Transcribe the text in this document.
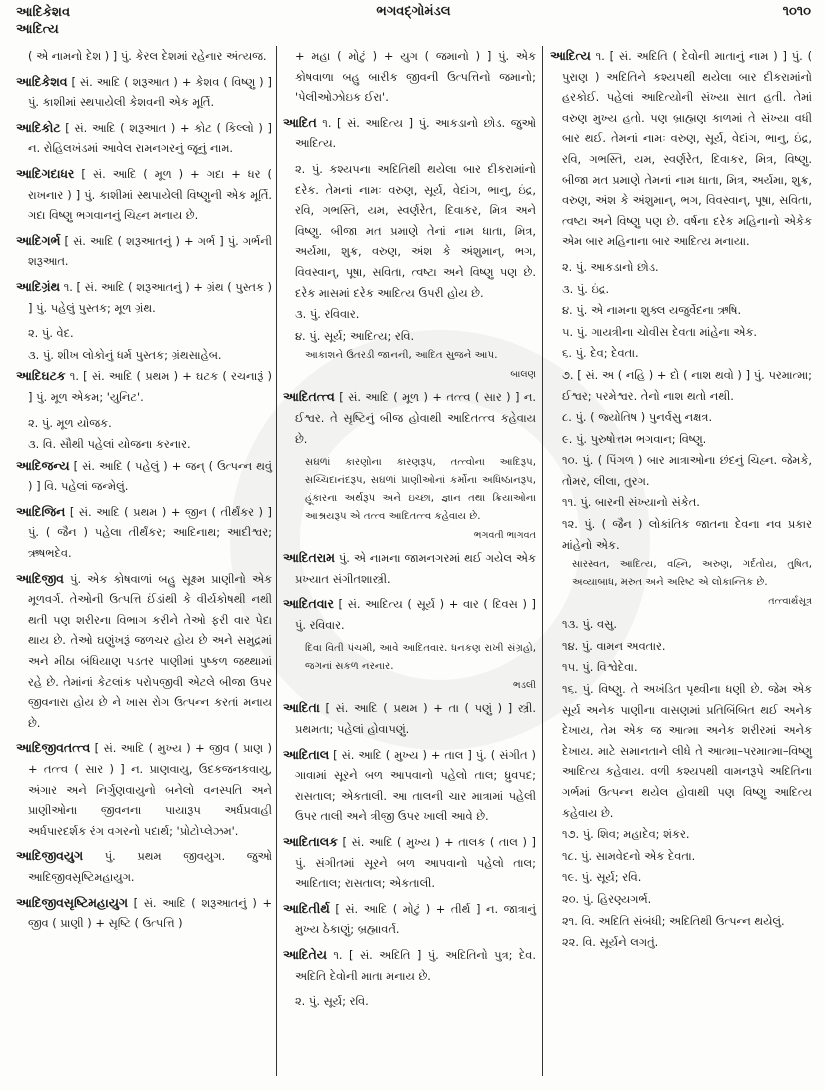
આદિકેશવ
આદિત્ય
ભગવદ્ગોમંડલ	૧૦૧૦

( એ નામનો દેશ ) ] પું. કેરલ દેશમાં રહેનાર અંત્યજ.

આદિકેશવ [ સં. આદિ ( શરૂઆત ) + કેશવ ( વિષ્ણુ ) ] પું. કાશીમાં સ્થપાયેલી કેશવની એક મૂર્તિ.

આદિકોટ [ સં. આદિ ( શરૂઆત ) + કોટ ( કિલ્લો ) ] ન. રોહિલખંડમાં આવેલ રામનગરનું જૂનું નામ.

આદિગદાધર [ સં. આદિ ( મૂળ ) + ગદા + ધર ( રાખનાર ) ] પું. કાશીમાં સ્થપાયેલી વિષ્ણુની એક મૂર્તિ. ગદા વિષ્ણુ ભગવાનનું ચિહ્ન મનાય છે.

આદિગર્ભ [ સં. આદિ ( શરૂઆતનું ) + ગર્ભ ] પું. ગર્ભની શરૂઆત.

આદિગ્રંથ ૧. [ સં. આદિ ( શરૂઆતનું ) + ગ્રંથ ( પુસ્તક ) ] પું. પહેલું પુસ્તક; મૂળ ગ્રંથ.

૨. પું. વેદ.

૩. પું. શીખ લોકોનું ધર્મ પુસ્તક; ગ્રંથસાહેબ.

આદિઘટક ૧. [ સં. આદિ ( પ્રથમ ) + ઘટક ( રચનારૂં ) ] પું. મૂળ એકમ; 'યુનિટ'.

૨. પું. મૂળ યોજક.

૩. વિ. સૌથી પહેલાં યોજના કરનાર.

આદિજન્ય [ સં. આદિ ( પહેલું ) + જન્ ( ઉત્પન્ન થવું ) ] વિ. પહેલાં જન્મેલું.

આદિજિન [ સં. આદિ ( પ્રથમ ) + જીન ( તીર્થંકર ) ] પું. ( જૈન ) પહેલા તીર્થંકર; આદિનાથ; આદીશ્વર; ઋષભદેવ.

આદિજીવ પું. એક કોષવાળાં બહુ સૂક્ષ્મ પ્રાણીનો એક મૂળવર્ગ. તેઓની ઉત્પત્તિ ઈંડાંથી કે વીર્યકોષથી નથી થતી પણ શરીરના વિભાગ કરીને તેઓ ફરી વાર પેદા થાય છે. તેઓ ઘણુંખરૂં જળચર હોય છે અને સમુદ્રમાં અને મીઠા બંધિયાણ પડતર પાણીમાં પુષ્કળ જથ્થામાં રહે છે. તેમાંનાં કેટલાંક પરોપજીવી એટલે બીજા ઉપર જીવનારા હોય છે ને ખાસ રોગ ઉત્પન્ન કરતાં મનાય છે.

આદિજીવતત્ત્વ [ સં. આદિ ( મુખ્ય ) + જીવ ( પ્રાણ ) + તત્ત્વ ( સાર ) ] ન. પ્રાણવાયુ, ઉદકજનકવાયુ, અંગાર અને નિર્ગુણવાયુનો બનેલો વનસ્પતિ અને પ્રાણીઓના જીવનના પાયારૂપ અર્ધપ્રવાહી અર્ધપારદર્શક રંગ વગરનો પદાર્થ; 'પ્રોટોપ્લેઝમ'.

આદિજીવયુગ પું. પ્રથમ જીવયુગ. જુઓ આદિજીવસૃષ્ટિમહાયુગ.

આદિજીવસૃષ્ટિમહાયુગ [ સં. આદિ ( શરૂઆતનું ) + જીવ ( પ્રાણી ) + સૃષ્ટિ ( ઉત્પત્તિ )

+ મહા ( મોટું ) + યુગ ( જમાનો ) ] પું. એક કોષવાળા બહુ બારીક જીવની ઉત્પત્તિનો જમાનો; 'પેલીઓઝોઇક ઈરા'.

આદિત ૧. [ સં. આદિત્ય ] પું. આકડાનો છોડ. જુઓ આદિત્ય.

૨. પું. કશ્યપના અદિતિથી થયેલા બાર દીકરામાંનો દરેક. તેમનાં નામઃ વરુણ, સૂર્ય, વેદાંગ, ભાનુ, ઇંદ્ર, રવિ, ગભસ્તિ, યમ, સ્વર્ણરેત, દિવાકર, મિત્ર અને વિષ્ણુ. બીજા મત પ્રમાણે તેનાં નામ ધાતા, મિત્ર, અર્યમા, શુક્ર, વરુણ, અંશ કે અંશુમાન્, ભગ, વિવસ્વાન્, પૂષા, સવિતા, ત્વષ્ટા અને વિષ્ણુ પણ છે. દરેક માસમાં દરેક આદિત્ય ઉપરી હોય છે.

૩. પું. રવિવાર.

૪. પું. સૂર્ય; આદિત્ય; રવિ.

આકાશને ઉતરડી જાનની, આદિત સુજને આપ.

બાલણ

આદિતત્ત્વ [ સં. આદિ ( મૂળ ) + તત્ત્વ ( સાર ) ] ન. ઈશ્વર. તે સૃષ્ટિનું બીજ હોવાથી આદિતત્ત્વ કહેવાય છે.

સઘળાં કારણોના કારણરૂપ, તત્ત્વોના આદિરૂપ, સચ્ચિદાનંદરૂપ, સઘળાં પ્રાણીઓનાં કર્મોના અધિષ્ઠાનરૂપ, હૂંકારના અર્થરૂપ અને ઇચ્છા, જ્ઞાન તથા ક્રિયાઓના આશ્રયરૂપ એ તત્ત્વ આદિતત્ત્વ કહેવાય છે.

ભગવતી ભાગવત

આદિતરામ પું. એ નામના જામનગરમાં થઈ ગયેલ એક પ્રખ્યાત સંગીતશાસ્ત્રી.

આદિતવાર [ સં. આદિત્ય ( સૂર્ય ) + વાર ( દિવસ ) ] પું. રવિવાર.

દિવા વિતી પંચમી, આવે આદિતવાર. ધનકણ રાખી સંગ્રહો, જગનાં સકળ નરનાર.

ભડલી

આદિતા [ સં. આદિ ( પ્રથમ ) + તા ( પણું ) ] સ્ત્રી. પ્રથમતા; પહેલાં હોવાપણું.

આદિતાલ [ સં. આદિ ( મુખ્ય ) + તાલ ] પું. ( સંગીત ) ગાવામાં સૂરને બળ આપવાનો પહેલો તાલ; ધ્રુવપદ; રાસતાલ; એકતાલી. આ તાલની ચાર માત્રામાં પહેલી ઉપર તાલી અને ત્રીજી ઉપર ખાલી આવે છે.

આદિતાલક [ સં. આદિ ( મુખ્ય ) + તાલક ( તાલ ) ] પું. સંગીતમાં સૂરને બળ આપવાનો પહેલો તાલ; આદિતાલ; રાસતાલ; એકતાલી.

આદિતીર્થ [ સં. આદિ ( મોટું ) + તીર્થ ] ન. જાત્રાનું મુખ્ય ઠેકાણું; બ્રહ્માવર્ત.

આદિતેય ૧. [ સં. અદિતિ ] પું. અદિતિનો પુત્ર; દેવ. અદિતિ દેવોની માતા મનાય છે.

૨. પું. સૂર્ય; રવિ.

આદિત્ય ૧. [ સં. અદિતિ ( દેવોની માતાનું નામ ) ] પું. ( પુરાણ ) અદિતિને કશ્યપથી થયેલા બાર દીકરામાંનો હરકોઈ. પહેલાં આદિત્યોની સંખ્યા સાત હતી. તેમાં વરુણ મુખ્ય હતો. પણ બ્રાહ્મણ કાળમાં તે સંખ્યા વધી બાર થઈ. તેમનાં નામઃ વરુણ, સૂર્ય, વેદાંગ, ભાનુ, ઇંદ્ર, રવિ, ગભસ્તિ, યમ, સ્વર્ણરેત, દિવાકર, મિત્ર, વિષ્ણુ. બીજા મત પ્રમાણે તેમનાં નામ ધાતા, મિત્ર, અર્યમા, શુક્ર, વરુણ, અંશ કે અંશુમાન્, ભગ, વિવસ્વાન્, પૂષા, સવિતા, ત્વષ્ટા અને વિષ્ણુ પણ છે. વર્ષના દરેક મહિનાનો એકેક એમ બાર મહિનાના બાર આદિત્ય મનાયા.

૨. પું. આકડાનો છોડ.

૩. પું. ઇંદ્ર.

૪. પું. એ નામના શુક્લ યજુર્વેદના ઋષિ.

૫. પું. ગાયત્રીના ચોવીસ દેવતા માંહેના એક.

૬. પું. દેવ; દેવતા.

૭. [ સં. અ ( નહિ ) + દો ( નાશ થવો ) ] પું. પરમાત્મા; ઈશ્વર; પરમેશ્વર. તેનો નાશ થતો નથી.

૮. પું. ( જ્યોતિષ ) પુનર્વસુ નક્ષત્ર.

૯. પું. પુરુષોત્તમ ભગવાન; વિષ્ણુ.

૧૦. પું. ( પિંગળ ) બાર માત્રાઓના છંદનું ચિહ્ન. જેમકે, તોમર, લીલા, તુરગ.

૧૧. પું. બારની સંખ્યાનો સંકેત.

૧૨. પું. ( જૈન ) લોકાંતિક જાતના દેવના નવ પ્રકાર માંહેનો એક.

સારસ્વત, આદિત્ય, વહ્નિ, અરુણ, ગર્દતોય, તુષિત, અવ્યાબાધ, મરુત અને અરિષ્ટ એ લોકાન્તિક છે.

તત્ત્વાર્થસૂત્ર

૧૩. પું. વસુ.

૧૪. પું. વામન અવતાર.

૧૫. પું. વિશ્વેદેવા.

૧૬. પું. વિષ્ણુ. તે અખંડિત પૃથ્વીના ધણી છે. જેમ એક સૂર્ય અનેક પાણીના વાસણમાં પ્રતિબિંબિત થઈ અનેક દેખાય, તેમ એક જ આત્મા અનેક શરીરમાં અનેક દેખાય. માટે સમાનતાને લીધે તે આત્મા–પરમાત્મા–વિષ્ણુ આદિત્ય કહેવાય. વળી કશ્યપથી વામનરૂપે અદિતિના ગર્ભમાં ઉત્પન્ન થયેલ હોવાથી પણ વિષ્ણુ આદિત્ય કહેવાય છે.

૧૭. પું. શિવ; મહાદેવ; શંકર.

૧૮. પું. સામવેદનો એક દેવતા.

૧૯. પું. સૂર્ય; રવિ.

૨૦. પું. હિરણ્યગર્ભ.

૨૧. વિ. અદિતિ સંબંધી; અદિતિથી ઉત્પન્ન થયેલું.

૨૨. વિ. સૂર્યને લગતું.
